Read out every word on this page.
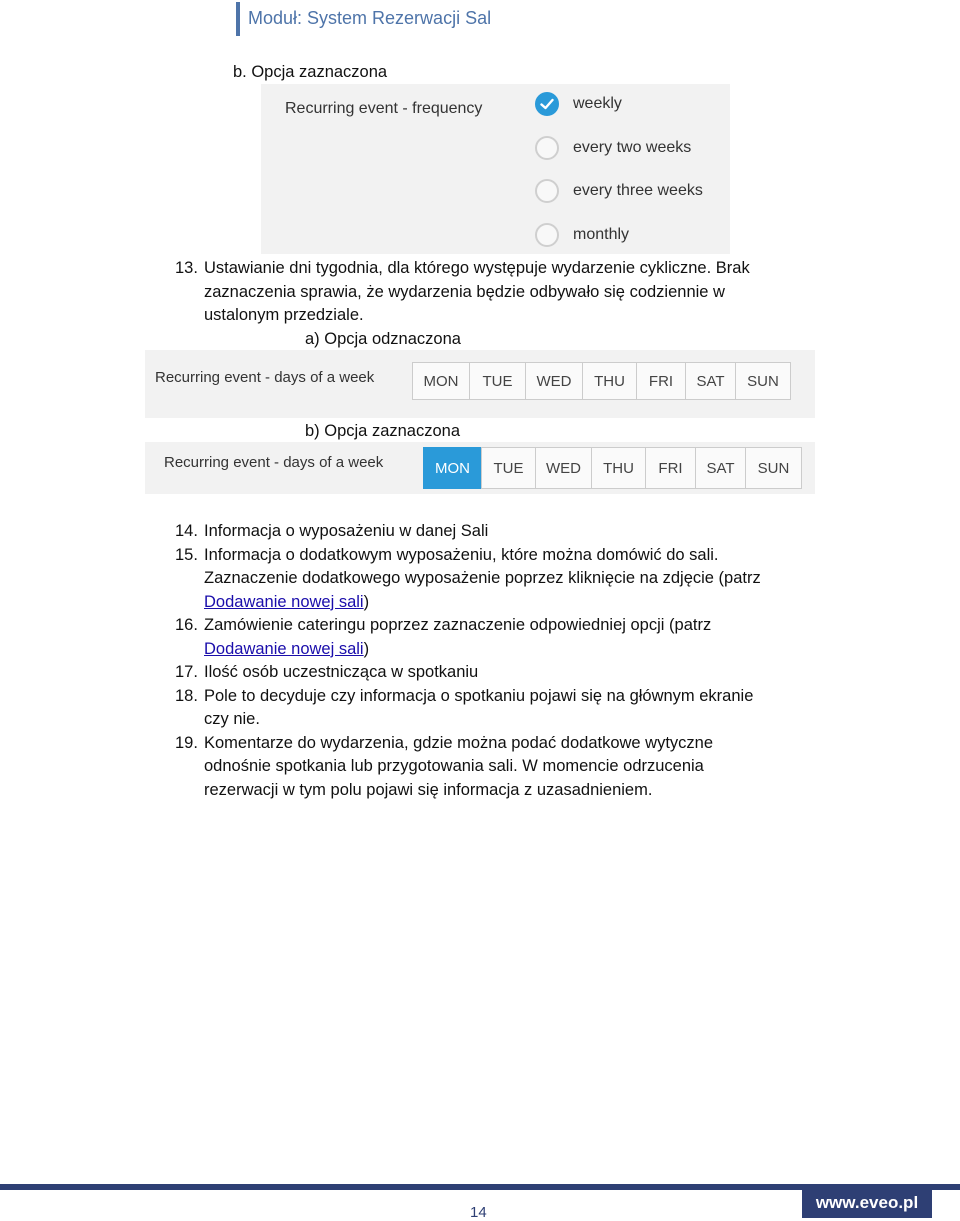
Moduł: System Rezerwacji Sal
b. Opcja zaznaczona
Recurring event - frequency	weekly
every two weeks
every three weeks
monthly
13. Ustawianie dni tygodnia, dla którego występuje wydarzenie cykliczne. Brak
zaznaczenia sprawia, że wydarzenia będzie odbywało się codziennie w
ustalonym przedziale.
a) Opcja odznaczona
Recurring event - days of a week	MON	TUE	WED	THU	FRI	SAT	SUN
b) Opcja zaznaczona
Recurring event - days of a week	MON	TUE	WED	THU	FRI	SAT	SUN
14. Informacja o wyposażeniu w danej Sali
15. Informacja o dodatkowym wyposażeniu, które można domówić do sali.
Zaznaczenie dodatkowego wyposażenie poprzez kliknięcie na zdjęcie (patrz
Dodawanie nowej sali)
16. Zamówienie cateringu poprzez zaznaczenie odpowiedniej opcji (patrz
Dodawanie nowej sali)
17. Ilość osób uczestnicząca w spotkaniu
18. Pole to decyduje czy informacja o spotkaniu pojawi się na głównym ekranie
czy nie.
19. Komentarze do wydarzenia, gdzie można podać dodatkowe wytyczne
odnośnie spotkania lub przygotowania sali. W momencie odrzucenia
rezerwacji w tym polu pojawi się informacja z uzasadnieniem.
14
www.eveo.pl
